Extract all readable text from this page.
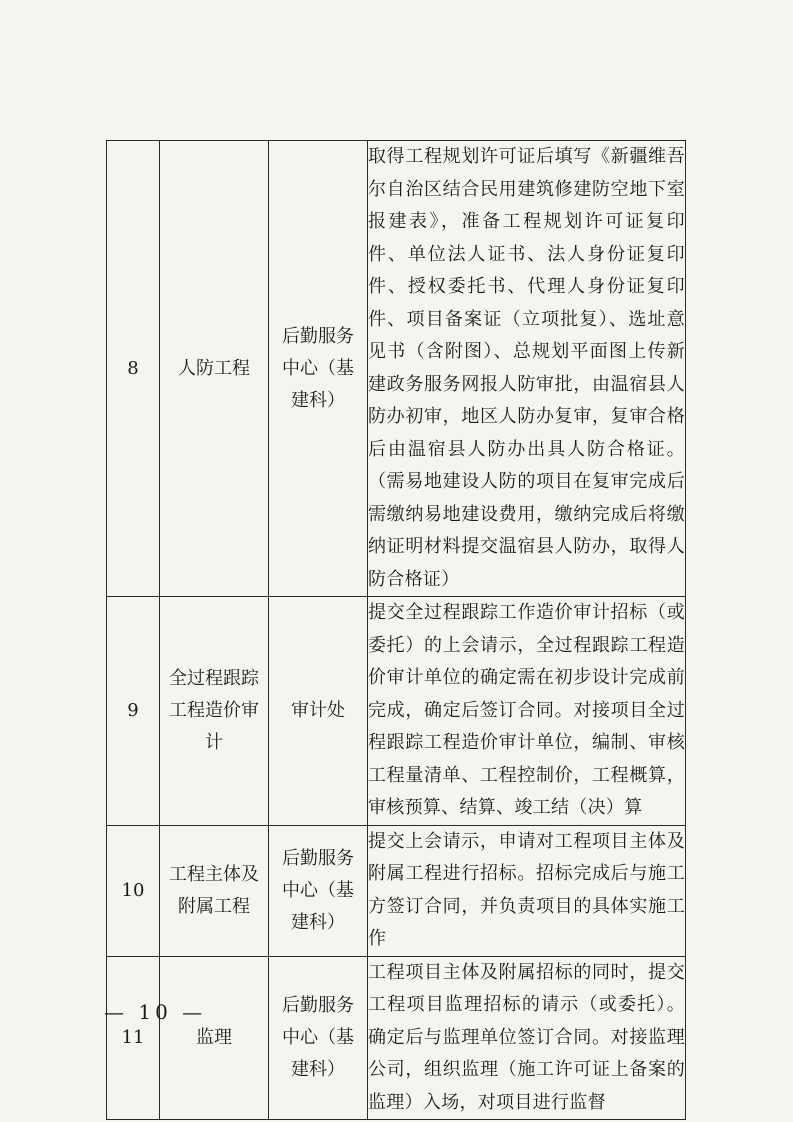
8	人防工程	后勤服务中心（基建科）	取得工程规划许可证后填写《新疆维吾尔自治区结合民用建筑修建防空地下室报建表》，准备工程规划许可证复印件、单位法人证书、法人身份证复印件、授权委托书、代理人身份证复印件、项目备案证（立项批复）、选址意见书（含附图）、总规划平面图上传新建政务服务网报人防审批，由温宿县人防办初审，地区人防办复审，复审合格后由温宿县人防办出具人防合格证。（需易地建设人防的项目在复审完成后需缴纳易地建设费用，缴纳完成后将缴纳证明材料提交温宿县人防办，取得人防合格证）
9	全过程跟踪工程造价审计	审计处	提交全过程跟踪工作造价审计招标（或委托）的上会请示，全过程跟踪工程造价审计单位的确定需在初步设计完成前完成，确定后签订合同。对接项目全过程跟踪工程造价审计单位，编制、审核工程量清单、工程控制价，工程概算，审核预算、结算、竣工结（决）算
10	工程主体及附属工程	后勤服务中心（基建科）	提交上会请示，申请对工程项目主体及附属工程进行招标。招标完成后与施工方签订合同，并负责项目的具体实施工作
11	监理	后勤服务中心（基建科）	工程项目主体及附属招标的同时，提交工程项目监理招标的请示（或委托）。确定后与监理单位签订合同。对接监理公司，组织监理（施工许可证上备案的监理）入场，对项目进行监督
— 10 —
